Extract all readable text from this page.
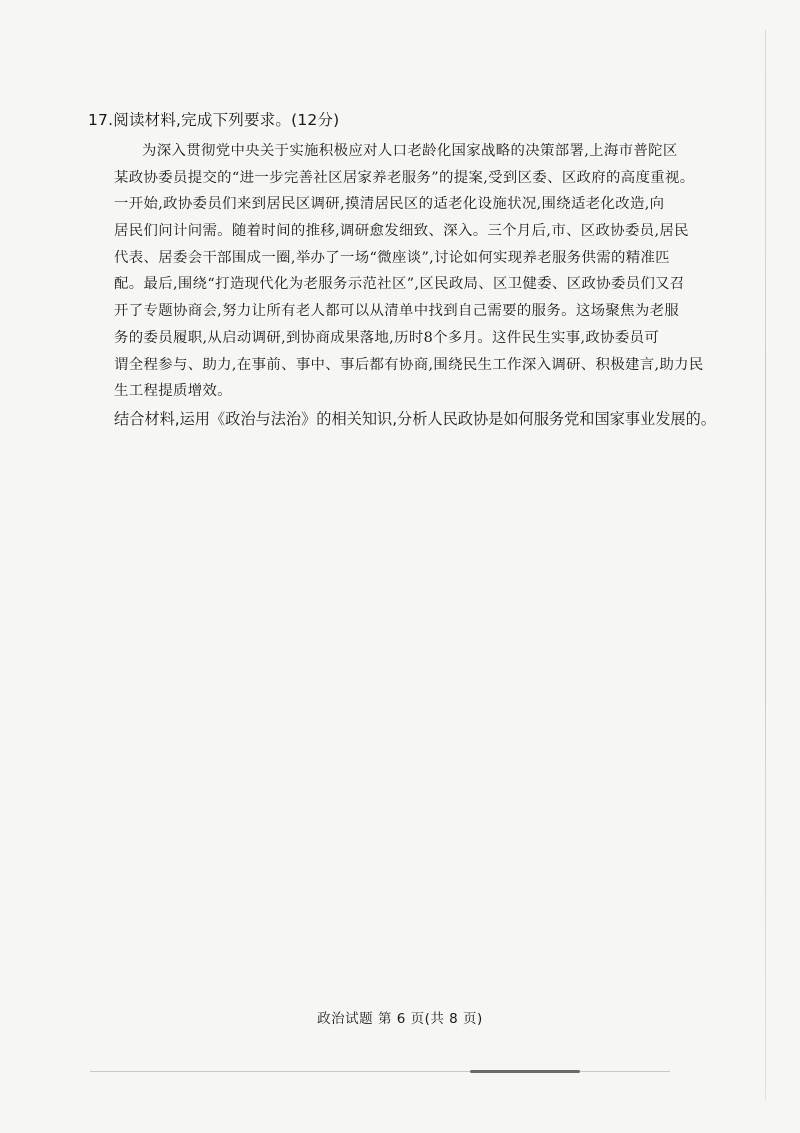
17.阅读材料,完成下列要求。(12分)

为深入贯彻党中央关于实施积极应对人口老龄化国家战略的决策部署,上海市普陀区
某政协委员提交的“进一步完善社区居家养老服务”的提案,受到区委、区政府的高度重视。
一开始,政协委员们来到居民区调研,摸清居民区的适老化设施状况,围绕适老化改造,向
居民们问计问需。随着时间的推移,调研愈发细致、深入。三个月后,市、区政协委员,居民
代表、居委会干部围成一圈,举办了一场“微座谈”,讨论如何实现养老服务供需的精准匹
配。最后,围绕“打造现代化为老服务示范社区”,区民政局、区卫健委、区政协委员们又召
开了专题协商会,努力让所有老人都可以从清单中找到自己需要的服务。这场聚焦为老服
务的委员履职,从启动调研,到协商成果落地,历时8个多月。这件民生实事,政协委员可
谓全程参与、助力,在事前、事中、事后都有协商,围绕民生工作深入调研、积极建言,助力民
生工程提质增效。

结合材料,运用《政治与法治》的相关知识,分析人民政协是如何服务党和国家事业发展的。

政治试题 第 6 页(共 8 页)
